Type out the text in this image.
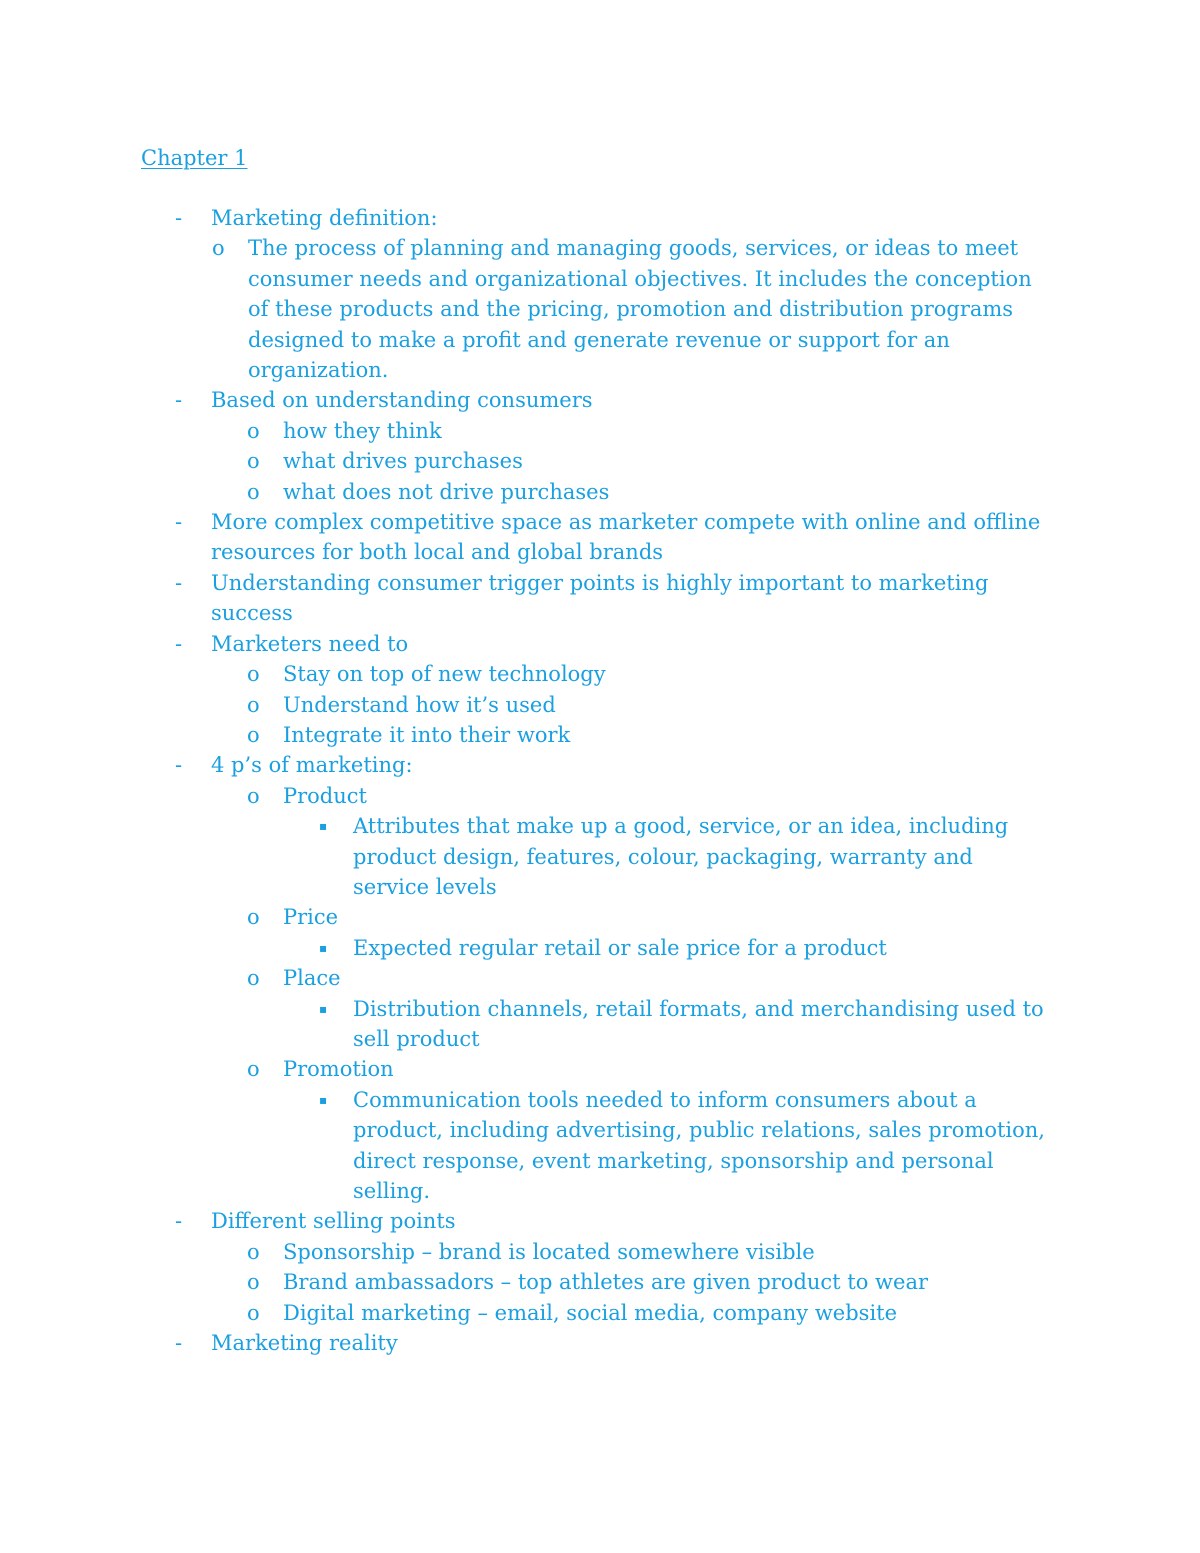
Chapter 1
- Marketing definition:
o The process of planning and managing goods, services, or ideas to meet
consumer needs and organizational objectives. It includes the conception
of these products and the pricing, promotion and distribution programs
designed to make a profit and generate revenue or support for an
organization.
- Based on understanding consumers
o how they think
o what drives purchases
o what does not drive purchases
- More complex competitive space as marketer compete with online and offline
resources for both local and global brands
- Understanding consumer trigger points is highly important to marketing
success
- Marketers need to
o Stay on top of new technology
o Understand how it’s used
o Integrate it into their work
- 4 p’s of marketing:
o Product
▪ Attributes that make up a good, service, or an idea, including
product design, features, colour, packaging, warranty and
service levels
o Price
▪ Expected regular retail or sale price for a product
o Place
▪ Distribution channels, retail formats, and merchandising used to
sell product
o Promotion
▪ Communication tools needed to inform consumers about a
product, including advertising, public relations, sales promotion,
direct response, event marketing, sponsorship and personal
selling.
- Different selling points
o Sponsorship – brand is located somewhere visible
o Brand ambassadors – top athletes are given product to wear
o Digital marketing – email, social media, company website
- Marketing reality
